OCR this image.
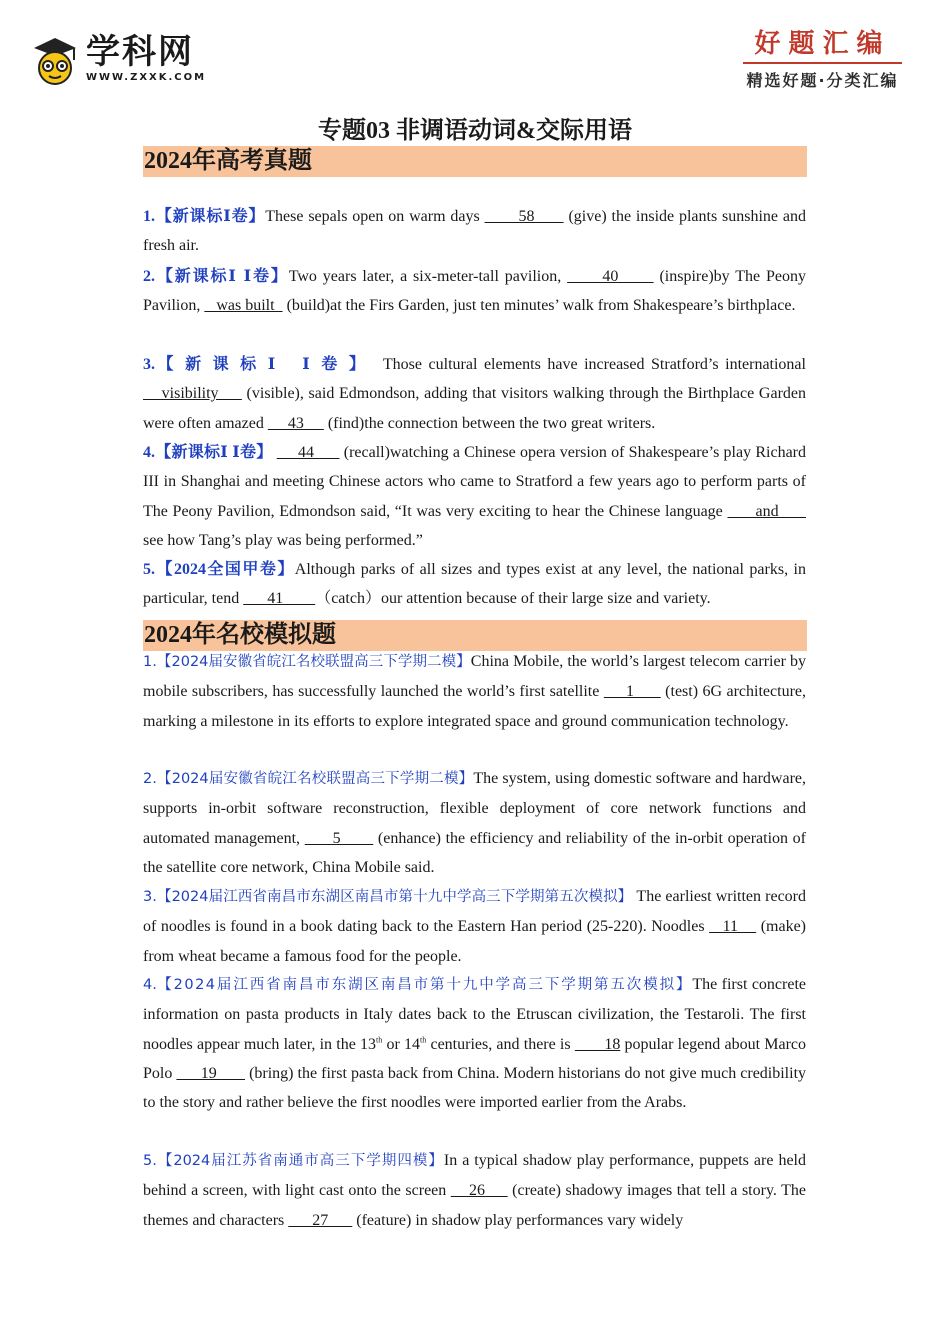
学科网
WWW.ZXXK.COM
好题汇编
精选好题·分类汇编
专题03 非调语动词&交际用语
2024年高考真题
1.【新课标Ⅰ卷】These sepals open on warm days        58       (give) the inside plants sunshine and fresh air.
2.【新课标Ⅰ Ⅰ卷】Two years later, a six-meter-tall pavilion,       40       (inspire)by The Peony Pavilion,    was built   (build)at the Firs Garden, just ten minutes’ walk from Shakespeare’s birthplace.
3.【新课标Ⅰ Ⅰ卷】 Those cultural elements have increased Stratford’s international     visibility      (visible), said Edmondson, adding that visitors walking through the Birthplace Garden were often amazed      43      (find)the connection between the two great writers.
4.【新课标Ⅰ Ⅰ卷】      44       (recall)watching a Chinese opera version of Shakespeare’s play Richard III in Shanghai and meeting Chinese actors who came to Stratford a few years ago to perform parts of The Peony Pavilion, Edmondson said, “It was very exciting to hear the Chinese language       and       see how Tang’s play was being performed.”
5.【2024全国甲卷】Although parks of all sizes and types exist at any level, the national parks, in particular, tend       41        （catch）our attention because of their large size and variety.
2024年名校模拟题
1.【2024届安徽省皖江名校联盟高三下学期二模】China Mobile, the world’s largest telecom carrier by mobile subscribers, has successfully launched the world’s first satellite      1       (test) 6G architecture, marking a milestone in its efforts to explore integrated space and ground communication technology.
2.【2024届安徽省皖江名校联盟高三下学期二模】The system, using domestic software and hardware, supports in-orbit software reconstruction, flexible deployment of core network functions and automated management,       5        (enhance) the efficiency and reliability of the in-orbit operation of the satellite core network, China Mobile said.
3.【2024届江西省南昌市东湖区南昌市第十九中学高三下学期第五次模拟】 The earliest written record of noodles is found in a book dating back to the Eastern Han period (25-220). Noodles    11     (make) from wheat became a famous food for the people.
4.【2024届江西省南昌市东湖区南昌市第十九中学高三下学期第五次模拟】The first concrete information on pasta products in Italy dates back to the Etruscan civilization, the Testaroli. The first noodles appear much later, in the 13th or 14th centuries, and there is        18 popular legend about Marco Polo       19        (bring) the first pasta back from China. Modern historians do not give much credibility to the story and rather believe the first noodles were imported earlier from the Arabs.
5.【2024届江苏省南通市高三下学期四模】In a typical shadow play performance, puppets are held behind a screen, with light cast onto the screen     26      (create) shadowy images that tell a story. The themes and characters       27       (feature) in shadow play performances vary widely
